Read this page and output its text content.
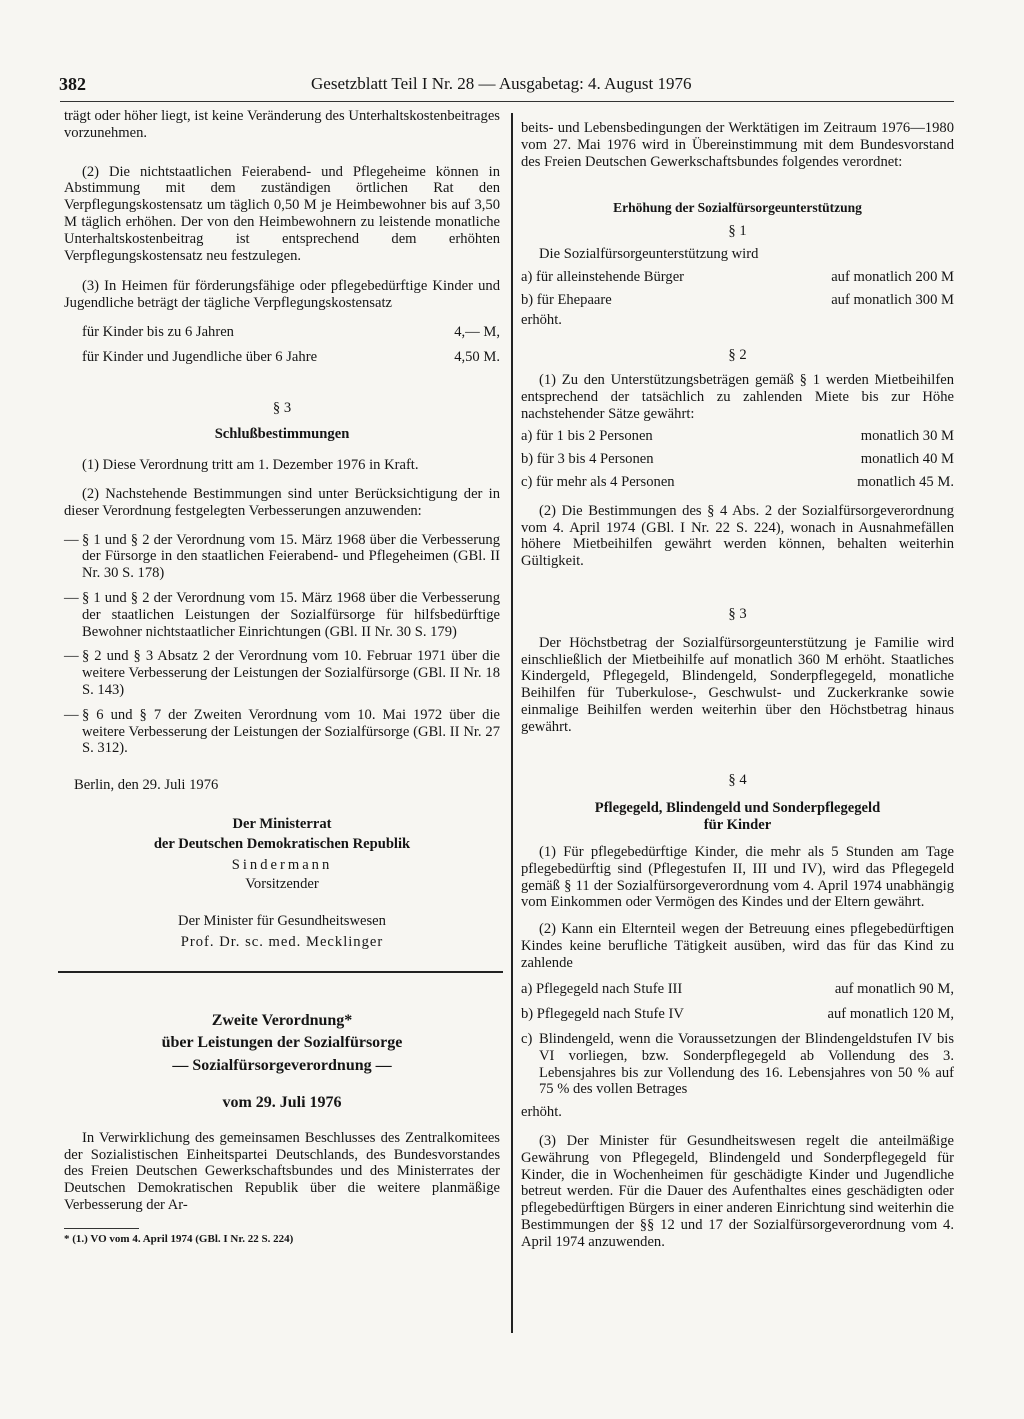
382	Gesetzblatt Teil I Nr. 28 — Ausgabetag: 4. August 1976

trägt oder höher liegt, ist keine Veränderung des Unterhaltskostenbeitrages vorzunehmen.

(2) Die nichtstaatlichen Feierabend- und Pflegeheime können in Abstimmung mit dem zuständigen örtlichen Rat den Verpflegungskostensatz um täglich 0,50 M je Heimbewohner bis auf 3,50 M täglich erhöhen. Der von den Heimbewohnern zu leistende monatliche Unterhaltskostenbeitrag ist entsprechend dem erhöhten Verpflegungskostensatz neu festzulegen.

(3) In Heimen für förderungsfähige oder pflegebedürftige Kinder und Jugendliche beträgt der tägliche Verpflegungskostensatz

für Kinder bis zu 6 Jahren	4,— M,
für Kinder und Jugendliche über 6 Jahre	4,50 M.

§ 3

Schlußbestimmungen

(1) Diese Verordnung tritt am 1. Dezember 1976 in Kraft.

(2) Nachstehende Bestimmungen sind unter Berücksichtigung der in dieser Verordnung festgelegten Verbesserungen anzuwenden:

— § 1 und § 2 der Verordnung vom 15. März 1968 über die Verbesserung der Fürsorge in den staatlichen Feierabend- und Pflegeheimen (GBl. II Nr. 30 S. 178)
— § 1 und § 2 der Verordnung vom 15. März 1968 über die Verbesserung der staatlichen Leistungen der Sozialfürsorge für hilfsbedürftige Bewohner nichtstaatlicher Einrichtungen (GBl. II Nr. 30 S. 179)
— § 2 und § 3 Absatz 2 der Verordnung vom 10. Februar 1971 über die weitere Verbesserung der Leistungen der Sozialfürsorge (GBl. II Nr. 18 S. 143)
— § 6 und § 7 der Zweiten Verordnung vom 10. Mai 1972 über die weitere Verbesserung der Leistungen der Sozialfürsorge (GBl. II Nr. 27 S. 312).

Berlin, den 29. Juli 1976

Der Ministerrat

der Deutschen Demokratischen Republik

Sindermann

Vorsitzender

Der Minister für Gesundheitswesen

Prof. Dr. sc. med. Mecklinger

Zweite Verordnung*

über Leistungen der Sozialfürsorge

— Sozialfürsorgeverordnung —

vom 29. Juli 1976

In Verwirklichung des gemeinsamen Beschlusses des Zentralkomitees der Sozialistischen Einheitspartei Deutschlands, des Bundesvorstandes des Freien Deutschen Gewerkschaftsbundes und des Ministerrates der Deutschen Demokratischen Republik über die weitere planmäßige Verbesserung der Ar-

* (1.) VO vom 4. April 1974 (GBl. I Nr. 22 S. 224)

beits- und Lebensbedingungen der Werktätigen im Zeitraum 1976—1980 vom 27. Mai 1976 wird in Übereinstimmung mit dem Bundesvorstand des Freien Deutschen Gewerkschaftsbundes folgendes verordnet:

Erhöhung der Sozialfürsorgeunterstützung

§ 1

Die Sozialfürsorgeunterstützung wird

a) für alleinstehende Bürger	auf monatlich 200 M
b) für Ehepaare	auf monatlich 300 M

erhöht.

§ 2

(1) Zu den Unterstützungsbeträgen gemäß § 1 werden Mietbeihilfen entsprechend der tatsächlich zu zahlenden Miete bis zur Höhe nachstehender Sätze gewährt:

a) für 1 bis 2 Personen	monatlich 30 M
b) für 3 bis 4 Personen	monatlich 40 M
c) für mehr als 4 Personen	monatlich 45 M.

(2) Die Bestimmungen des § 4 Abs. 2 der Sozialfürsorgeverordnung vom 4. April 1974 (GBl. I Nr. 22 S. 224), wonach in Ausnahmefällen höhere Mietbeihilfen gewährt werden können, behalten weiterhin Gültigkeit.

§ 3

Der Höchstbetrag der Sozialfürsorgeunterstützung je Familie wird einschließlich der Mietbeihilfe auf monatlich 360 M erhöht. Staatliches Kindergeld, Pflegegeld, Blindengeld, Sonderpflegegeld, monatliche Beihilfen für Tuberkulose-, Geschwulst- und Zuckerkranke sowie einmalige Beihilfen werden weiterhin über den Höchstbetrag hinaus gewährt.

§ 4

Pflegegeld, Blindengeld und Sonderpflegegeld

für Kinder

(1) Für pflegebedürftige Kinder, die mehr als 5 Stunden am Tage pflegebedürftig sind (Pflegestufen II, III und IV), wird das Pflegegeld gemäß § 11 der Sozialfürsorgeverordnung vom 4. April 1974 unabhängig vom Einkommen oder Vermögen des Kindes und der Eltern gewährt.

(2) Kann ein Elternteil wegen der Betreuung eines pflegebedürftigen Kindes keine berufliche Tätigkeit ausüben, wird das für das Kind zu zahlende

a) Pflegegeld nach Stufe III	auf monatlich 90 M,
b) Pflegegeld nach Stufe IV	auf monatlich 120 M,
c) Blindengeld, wenn die Voraussetzungen der Blindengeldstufen IV bis VI vorliegen, bzw. Sonderpflegegeld ab Vollendung des 3. Lebensjahres bis zur Vollendung des 16. Lebensjahres von 50 % auf 75 % des vollen Betrages

erhöht.

(3) Der Minister für Gesundheitswesen regelt die anteilmäßige Gewährung von Pflegegeld, Blindengeld und Sonderpflegegeld für Kinder, die in Wochenheimen für geschädigte Kinder und Jugendliche betreut werden. Für die Dauer des Aufenthaltes eines geschädigten oder pflegebedürftigen Bürgers in einer anderen Einrichtung sind weiterhin die Bestimmungen der §§ 12 und 17 der Sozialfürsorgeverordnung vom 4. April 1974 anzuwenden.
